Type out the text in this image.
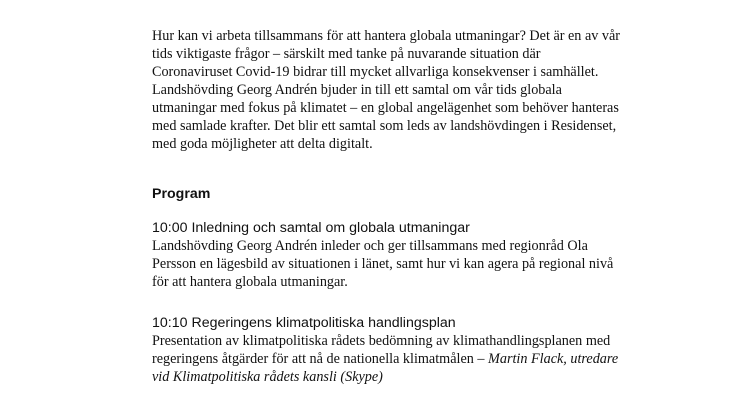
Hur kan vi arbeta tillsammans för att hantera globala utmaningar? Det är en av vår tids viktigaste frågor – särskilt med tanke på nuvarande situation där Coronaviruset Covid-19 bidrar till mycket allvarliga konsekvenser i samhället. Landshövding Georg Andrén bjuder in till ett samtal om vår tids globala utmaningar med fokus på klimatet – en global angelägenhet som behöver hanteras med samlade krafter. Det blir ett samtal som leds av landshövdingen i Residenset, med goda möjligheter att delta digitalt.

Program

10:00 Inledning och samtal om globala utmaningar

Landshövding Georg Andrén inleder och ger tillsammans med regionråd Ola Persson en lägesbild av situationen i länet, samt hur vi kan agera på regional nivå för att hantera globala utmaningar.

10:10 Regeringens klimatpolitiska handlingsplan

Presentation av klimatpolitiska rådets bedömning av klimathandlingsplanen med regeringens åtgärder för att nå de nationella klimatmålen – Martin Flack, utredare vid Klimatpolitiska rådets kansli (Skype)
